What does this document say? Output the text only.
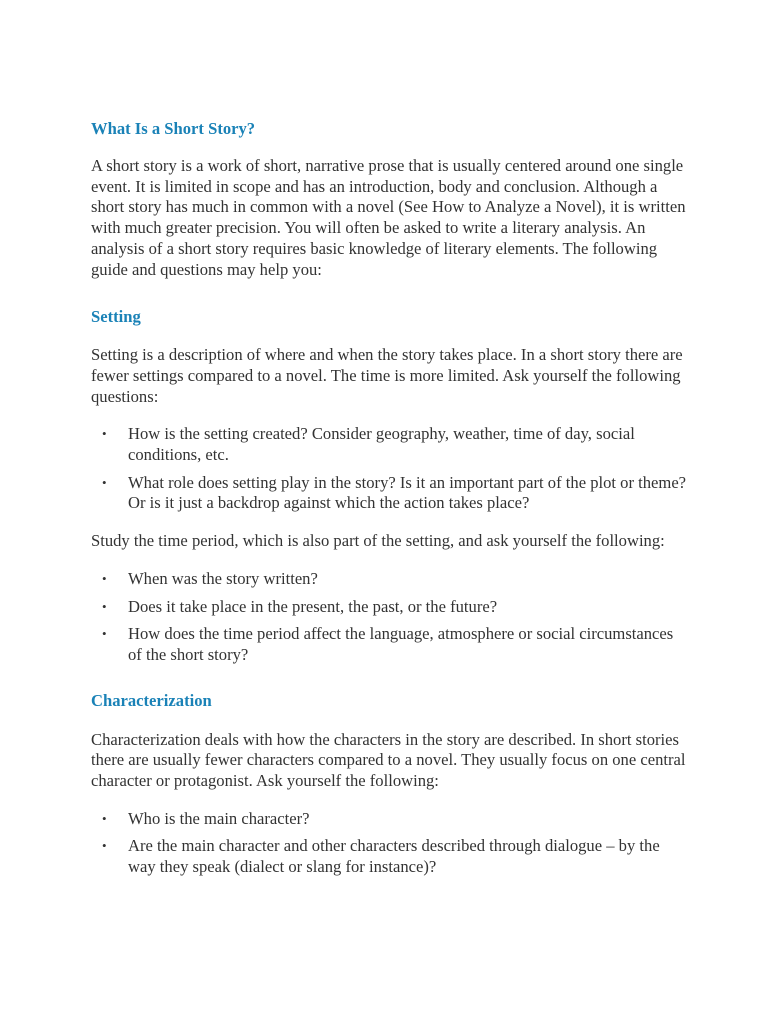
What Is a Short Story?

A short story is a work of short, narrative prose that is usually centered around one single event. It is limited in scope and has an introduction, body and conclusion. Although a short story has much in common with a novel (See How to Analyze a Novel), it is written with much greater precision. You will often be asked to write a literary analysis. An analysis of a short story requires basic knowledge of literary elements. The following guide and questions may help you:

Setting

Setting is a description of where and when the story takes place. In a short story there are fewer settings compared to a novel. The time is more limited. Ask yourself the following questions:

• How is the setting created? Consider geography, weather, time of day, social conditions, etc.
• What role does setting play in the story? Is it an important part of the plot or theme? Or is it just a backdrop against which the action takes place?

Study the time period, which is also part of the setting, and ask yourself the following:

• When was the story written?
• Does it take place in the present, the past, or the future?
• How does the time period affect the language, atmosphere or social circumstances of the short story?
Characterization

Characterization deals with how the characters in the story are described. In short stories there are usually fewer characters compared to a novel. They usually focus on one central character or protagonist. Ask yourself the following:

• Who is the main character?
• Are the main character and other characters described through dialogue – by the way they speak (dialect or slang for instance)?
